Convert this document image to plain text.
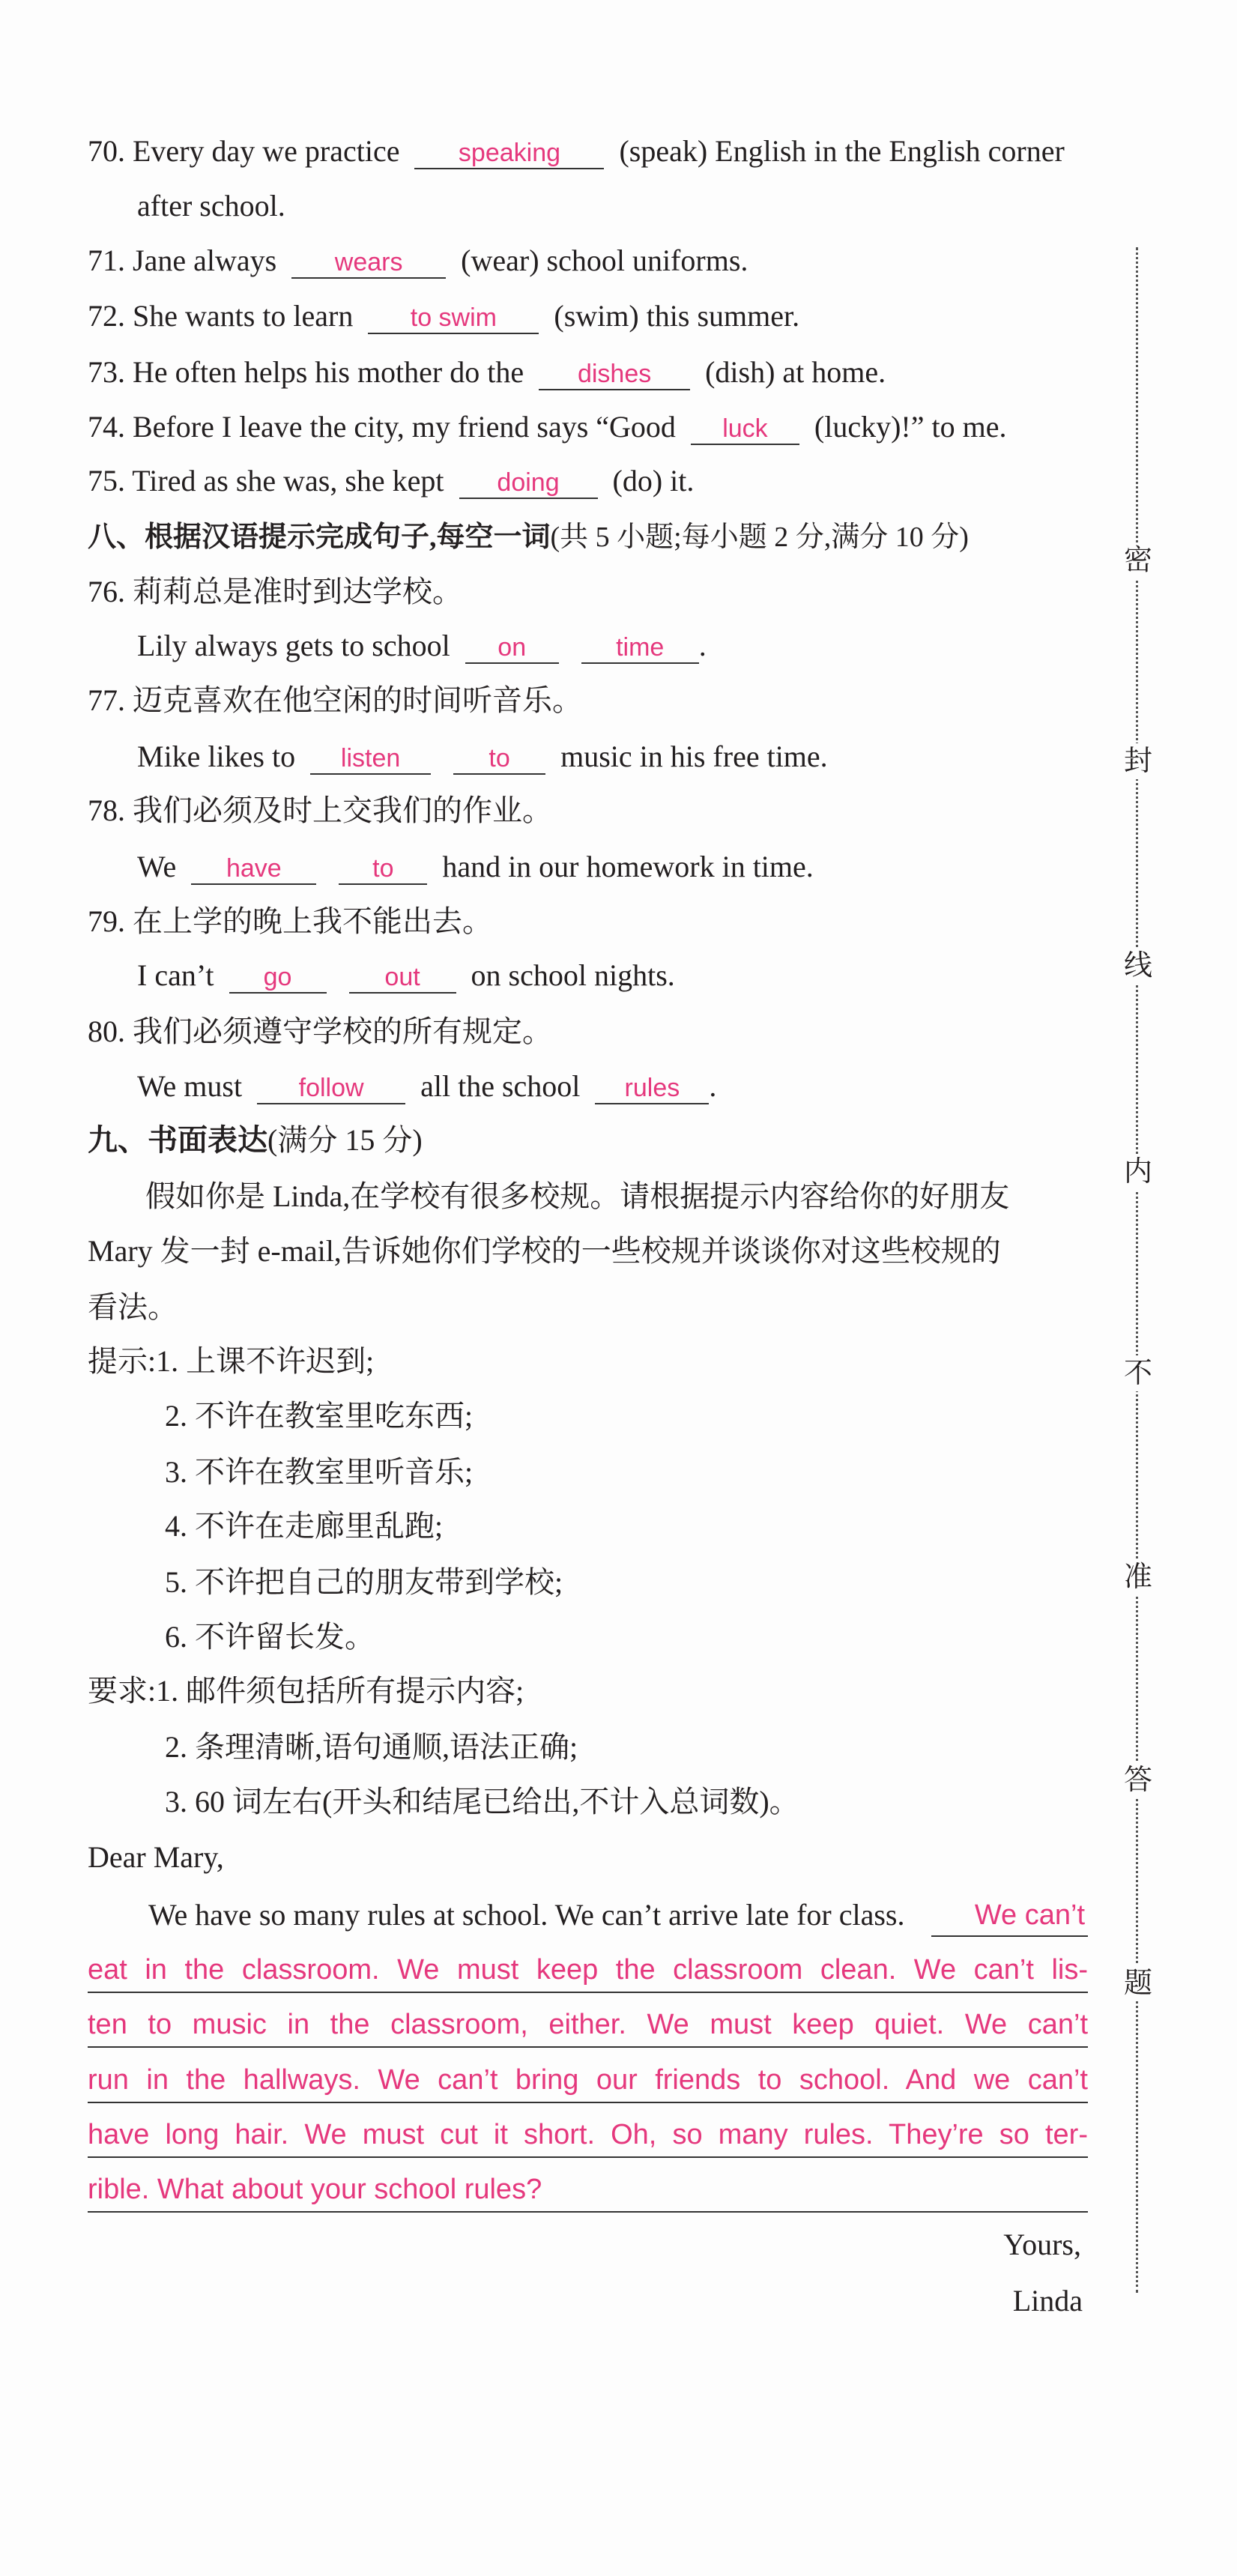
70. Every day we practice speaking (speak) English in the English corner
after school.
71. Jane always wears (wear) school uniforms.
72. She wants to learn to swim (swim) this summer.
73. He often helps his mother do the dishes (dish) at home.
74. Before I leave the city, my friend says “Good luck (lucky)!” to me.
75. Tired as she was, she kept doing (do) it.
八、根据汉语提示完成句子,每空一词(共 5 小题;每小题 2 分,满分 10 分)
76. 莉莉总是准时到达学校。
Lily always gets to school on	time .
77. 迈克喜欢在他空闲的时间听音乐。
Mike likes to listen	to music in his free time.
78. 我们必须及时上交我们的作业。
We have	to hand in our homework in time.
79. 在上学的晚上我不能出去。
I can’t go	out on school nights.
80. 我们必须遵守学校的所有规定。
We must follow all the school rules .
九、书面表达(满分 15 分)
假如你是 Linda,在学校有很多校规。请根据提示内容给你的好朋友
Mary 发一封 e-mail,告诉她你们学校的一些校规并谈谈你对这些校规的
看法。
提示:1. 上课不许迟到;
2. 不许在教室里吃东西;
3. 不许在教室里听音乐;
4. 不许在走廊里乱跑;
5. 不许把自己的朋友带到学校;
6. 不许留长发。
要求:1. 邮件须包括所有提示内容;
2. 条理清晰,语句通顺,语法正确;
3. 60 词左右(开头和结尾已给出,不计入总词数)。
Dear Mary,
We have so many rules at school. We can’t arrive late for class.	We can’t
eat in the classroom. We must keep the classroom clean. We can’t lis-
ten to music in the classroom, either. We must keep quiet. We can’t
run in the hallways. We can’t bring our friends to school. And we can’t
have long hair. We must cut it short. Oh, so many rules. They’re so ter-
rible. What about your school rules?
Yours,
Linda
密
封
线
内
不
准
答
题
